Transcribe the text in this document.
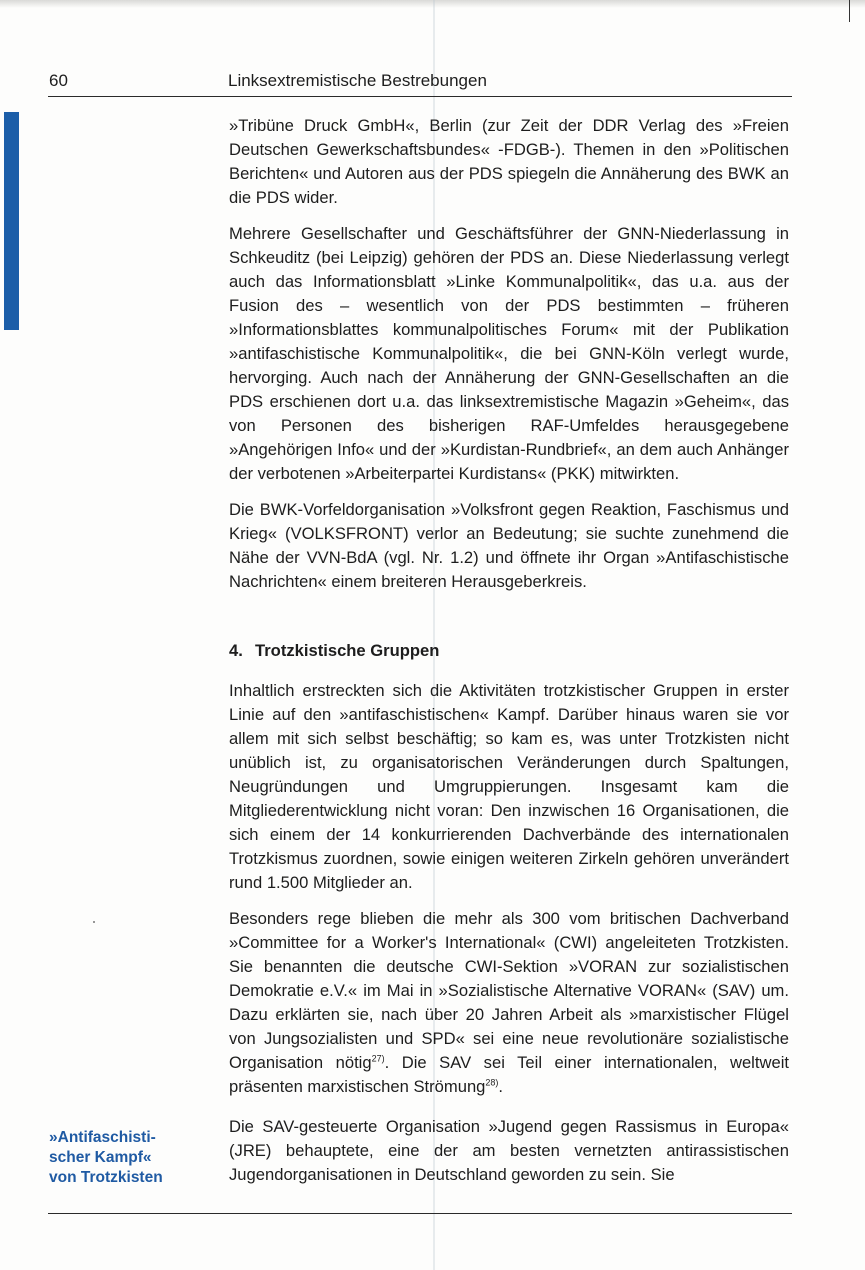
60	Linksextremistische Bestrebungen

»Tribüne Druck GmbH«, Berlin (zur Zeit der DDR Verlag des »Freien Deutschen Gewerkschaftsbundes« -FDGB-). Themen in den »Politischen Berichten« und Autoren aus der PDS spiegeln die Annäherung des BWK an die PDS wider.

Mehrere Gesellschafter und Geschäftsführer der GNN-Niederlassung in Schkeuditz (bei Leipzig) gehören der PDS an. Diese Niederlassung verlegt auch das Informationsblatt »Linke Kommunalpolitik«, das u.a. aus der Fusion des – wesentlich von der PDS bestimmten – früheren »Informationsblattes kommunalpolitisches Forum« mit der Publikation »antifaschistische Kommunalpolitik«, die bei GNN-Köln verlegt wurde, hervorging. Auch nach der Annäherung der GNN-Gesellschaften an die PDS erschienen dort u.a. das linksextremistische Magazin »Geheim«, das von Personen des bisherigen RAF-Umfeldes herausgegebene »Angehörigen Info« und der »Kurdistan-Rundbrief«, an dem auch Anhänger der verbotenen »Arbeiterpartei Kurdistans« (PKK) mitwirkten.

Die BWK-Vorfeldorganisation »Volksfront gegen Reaktion, Faschismus und Krieg« (VOLKSFRONT) verlor an Bedeutung; sie suchte zunehmend die Nähe der VVN-BdA (vgl. Nr. 1.2) und öffnete ihr Organ »Antifaschistische Nachrichten« einem breiteren Herausgeberkreis.

4. Trotzkistische Gruppen

Inhaltlich erstreckten sich die Aktivitäten trotzkistischer Gruppen in erster Linie auf den »antifaschistischen« Kampf. Darüber hinaus waren sie vor allem mit sich selbst beschäftig; so kam es, was unter Trotzkisten nicht unüblich ist, zu organisatorischen Veränderungen durch Spaltungen, Neugründungen und Umgruppierungen. Insgesamt kam die Mitgliederentwicklung nicht voran: Den inzwischen 16 Organisationen, die sich einem der 14 konkurrierenden Dachverbände des internationalen Trotzkismus zuordnen, sowie einigen weiteren Zirkeln gehören unverändert rund 1.500 Mitglieder an.

Besonders rege blieben die mehr als 300 vom britischen Dachverband »Committee for a Worker's International« (CWI) angeleiteten Trotzkisten. Sie benannten die deutsche CWI-Sektion »VORAN zur sozialistischen Demokratie e.V.« im Mai in »Sozialistische Alternative VORAN« (SAV) um. Dazu erklärten sie, nach über 20 Jahren Arbeit als »marxistischer Flügel von Jungsozialisten und SPD« sei eine neue revolutionäre sozialistische Organisation nötig$^{27)}$. Die SAV sei Teil einer internationalen, weltweit präsenten marxistischen Strömung$^{28)}$.

Die SAV-gesteuerte Organisation »Jugend gegen Rassismus in Europa« (JRE) behauptete, eine der am besten vernetzten antirassistischen Jugendorganisationen in Deutschland geworden zu sein. Sie

»Antifaschisti-
scher Kampf«
von Trotzkisten
